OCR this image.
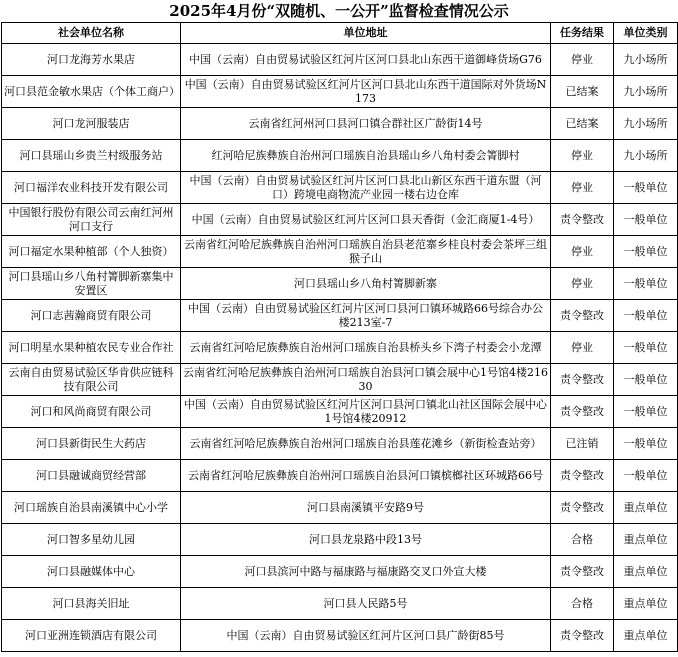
2025年4月份“双随机、一公开”监督检查情况公示
社会单位名称	单位地址	任务结果	单位类别
河口龙海芳水果店	中国（云南）自由贸易试验区红河片区河口县北山东西干道御峰货场G76	停业	九小场所
河口县范金敏水果店（个体工商户）	中国（云南）自由贸易试验区红河片区河口县北山东西干道国际对外货场N173	已结案	九小场所
河口龙河服装店	云南省红河州河口县河口镇合群社区广龄街14号	已结案	九小场所
河口县瑶山乡贵兰村级服务站	红河哈尼族彝族自治州河口瑶族自治县瑶山乡八角村委会箐脚村	停业	九小场所
河口福洋农业科技开发有限公司	中国（云南）自由贸易试验区红河片区河口县北山新区东西干道东盟（河口）跨境电商物流产业园一楼右边仓库	停业	一般单位
中国银行股份有限公司云南红河州河口支行	中国（云南）自由贸易试验区红河片区河口县天香街（金汇商厦1-4号）	责令整改	一般单位
河口福定水果种植部（个人独资）	云南省红河哈尼族彝族自治州河口瑶族自治县老范寨乡桂良村委会茶坪三组猴子山	停业	一般单位
河口县瑶山乡八角村箐脚新寨集中安置区	河口县瑶山乡八角村箐脚新寨	停业	一般单位
河口志茜瀚商贸有限公司	中国（云南）自由贸易试验区红河片区河口县河口镇环城路66号综合办公楼213室-7	责令整改	一般单位
河口明星水果种植农民专业合作社	云南省红河哈尼族彝族自治州河口瑶族自治县桥头乡下湾子村委会小龙潭	停业	一般单位
云南自由贸易试验区华肯供应链科技有限公司	云南省红河哈尼族彝族自治州河口瑶族自治县河口镇会展中心1号馆4楼21630	责令整改	一般单位
河口和风尚商贸有限公司	中国（云南）自由贸易试验区红河片区河口县河口镇北山社区国际会展中心1号馆4楼20912	责令整改	一般单位
河口县新街民生大药店	云南省红河哈尼族彝族自治州河口瑶族自治县莲花滩乡（新街检查站旁）	已注销	一般单位
河口县融诚商贸经营部	云南省红河哈尼族彝族自治州河口瑶族自治县河口镇槟榔社区环城路66号	责令整改	一般单位
河口瑶族自治县南溪镇中心小学	河口县南溪镇平安路9号	责令整改	重点单位
河口智多星幼儿园	河口县龙泉路中段13号	合格	重点单位
河口县融媒体中心	河口县滨河中路与福康路与福康路交叉口外宣大楼	责令整改	重点单位
河口县海关旧址	河口县人民路5号	合格	重点单位
河口亚洲连锁酒店有限公司	中国（云南）自由贸易试验区红河片区河口县广龄街85号	责令整改	重点单位
